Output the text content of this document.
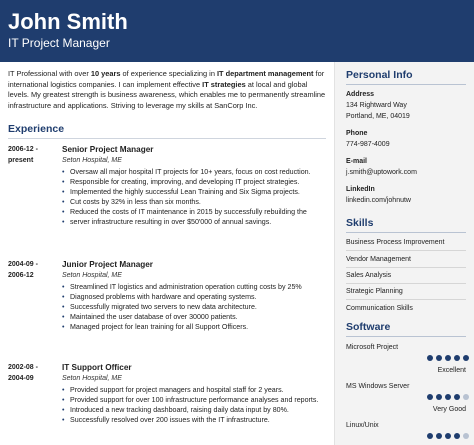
John Smith
IT Project Manager

IT Professional with over 10 years of experience specializing in IT department management for international logistics companies. I can implement effective IT strategies at local and global levels. My greatest strength is business awareness, which enables me to permanently streamline infrastructure and applications. Striving to leverage my skills at SanCorp Inc.

Experience
2006-12 -
present
Senior Project Manager
Seton Hospital, ME
• Oversaw all major hospital IT projects for 10+ years, focus on cost reduction.
• Responsible for creating, improving, and developing IT project strategies.
• Implemented the highly successful Lean Training and Six Sigma projects.
• Cut costs by 32% in less than six months.
• Reduced the costs of IT maintenance in 2015 by successfully rebuilding the
• server infrastructure resulting in over $50'000 of annual savings.
2004-09 -
2006-12
Junior Project Manager
Seton Hospital, ME
• Streamlined IT logistics and administration operation cutting costs by 25%
• Diagnosed problems with hardware and operating systems.
• Successfully migrated two servers to new data architecture.
• Maintained the user database of over 30000 patients.
• Managed project for lean training for all Support Officers.
2002-08 -
2004-09
IT Support Officer
Seton Hospital, ME
• Provided support for project managers and hospital staff for 2 years.
• Provided support for over 100 infrastructure performance analyses and reports.
• Introduced a new tracking dashboard, raising daily data input by 80%.
• Successfully resolved over 200 issues with the IT infrastructure.
Personal Info
Address
134 Rightward Way
Portland, ME, 04019
Phone
774-987-4009
E-mail
j.smith@uptowork.com
LinkedIn
linkedin.com/johnutw
Skills
Business Process Improvement
Vendor Management
Sales Analysis
Strategic Planning
Communication Skills
Software
Microsoft Project
Excellent
MS Windows Server
Very Good
Linux/Unix
